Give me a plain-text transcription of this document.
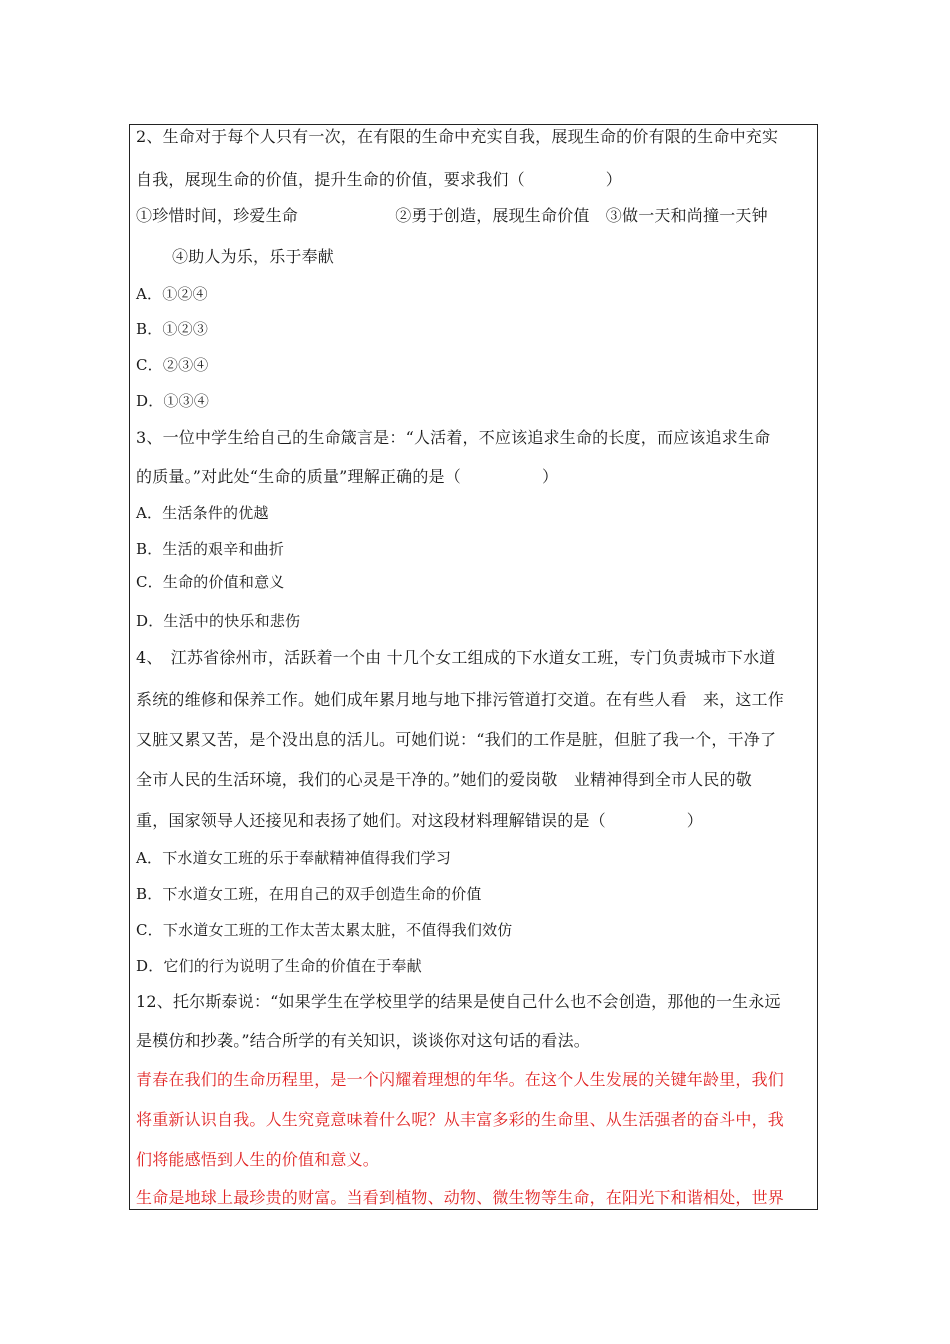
2、生命对于每个人只有一次，在有限的生命中充实自我，展现生命的价有限的生命中充实
自我，展现生命的价值，提升生命的价值，要求我们（　　　　　）
①珍惜时间，珍爱生命　　　　　　②勇于创造，展现生命价值　③做一天和尚撞一天钟
④助人为乐，乐于奉献
A．①②④
B．①②③
C．②③④
D．①③④
3、一位中学生给自己的生命箴言是：“人活着，不应该追求生命的长度，而应该追求生命
的质量。”对此处“生命的质量”理解正确的是（　　　　　）
A．生活条件的优越
B．生活的艰辛和曲折
C．生命的价值和意义
D．生活中的快乐和悲伤
4、　江苏省徐州市，活跃着一个由 十几个女工组成的下水道女工班，专门负责城市下水道
系统的维修和保养工作。她们成年累月地与地下排污管道打交道。在有些人看　来，这工作
又脏又累又苦，是个没出息的活儿。可她们说：“我们的工作是脏，但脏了我一个，干净了
全市人民的生活环境，我们的心灵是干净的。”她们的爱岗敬　业精神得到全市人民的敬
重，国家领导人还接见和表扬了她们。对这段材料理解错误的是（　　　　　）
A．下水道女工班的乐于奉献精神值得我们学习
B．下水道女工班，在用自己的双手创造生命的价值
C．下水道女工班的工作太苦太累太脏，不值得我们效仿
D．它们的行为说明了生命的价值在于奉献
12、托尔斯泰说：“如果学生在学校里学的结果是使自己什么也不会创造，那他的一生永远
是模仿和抄袭。”结合所学的有关知识，谈谈你对这句话的看法。
青春在我们的生命历程里，是一个闪耀着理想的年华。在这个人生发展的关键年龄里，我们
将重新认识自我。人生究竟意味着什么呢？从丰富多彩的生命里、从生活强者的奋斗中，我
们将能感悟到人生的价值和意义。
生命是地球上最珍贵的财富。当看到植物、动物、微生物等生命，在阳光下和谐相处，世界
